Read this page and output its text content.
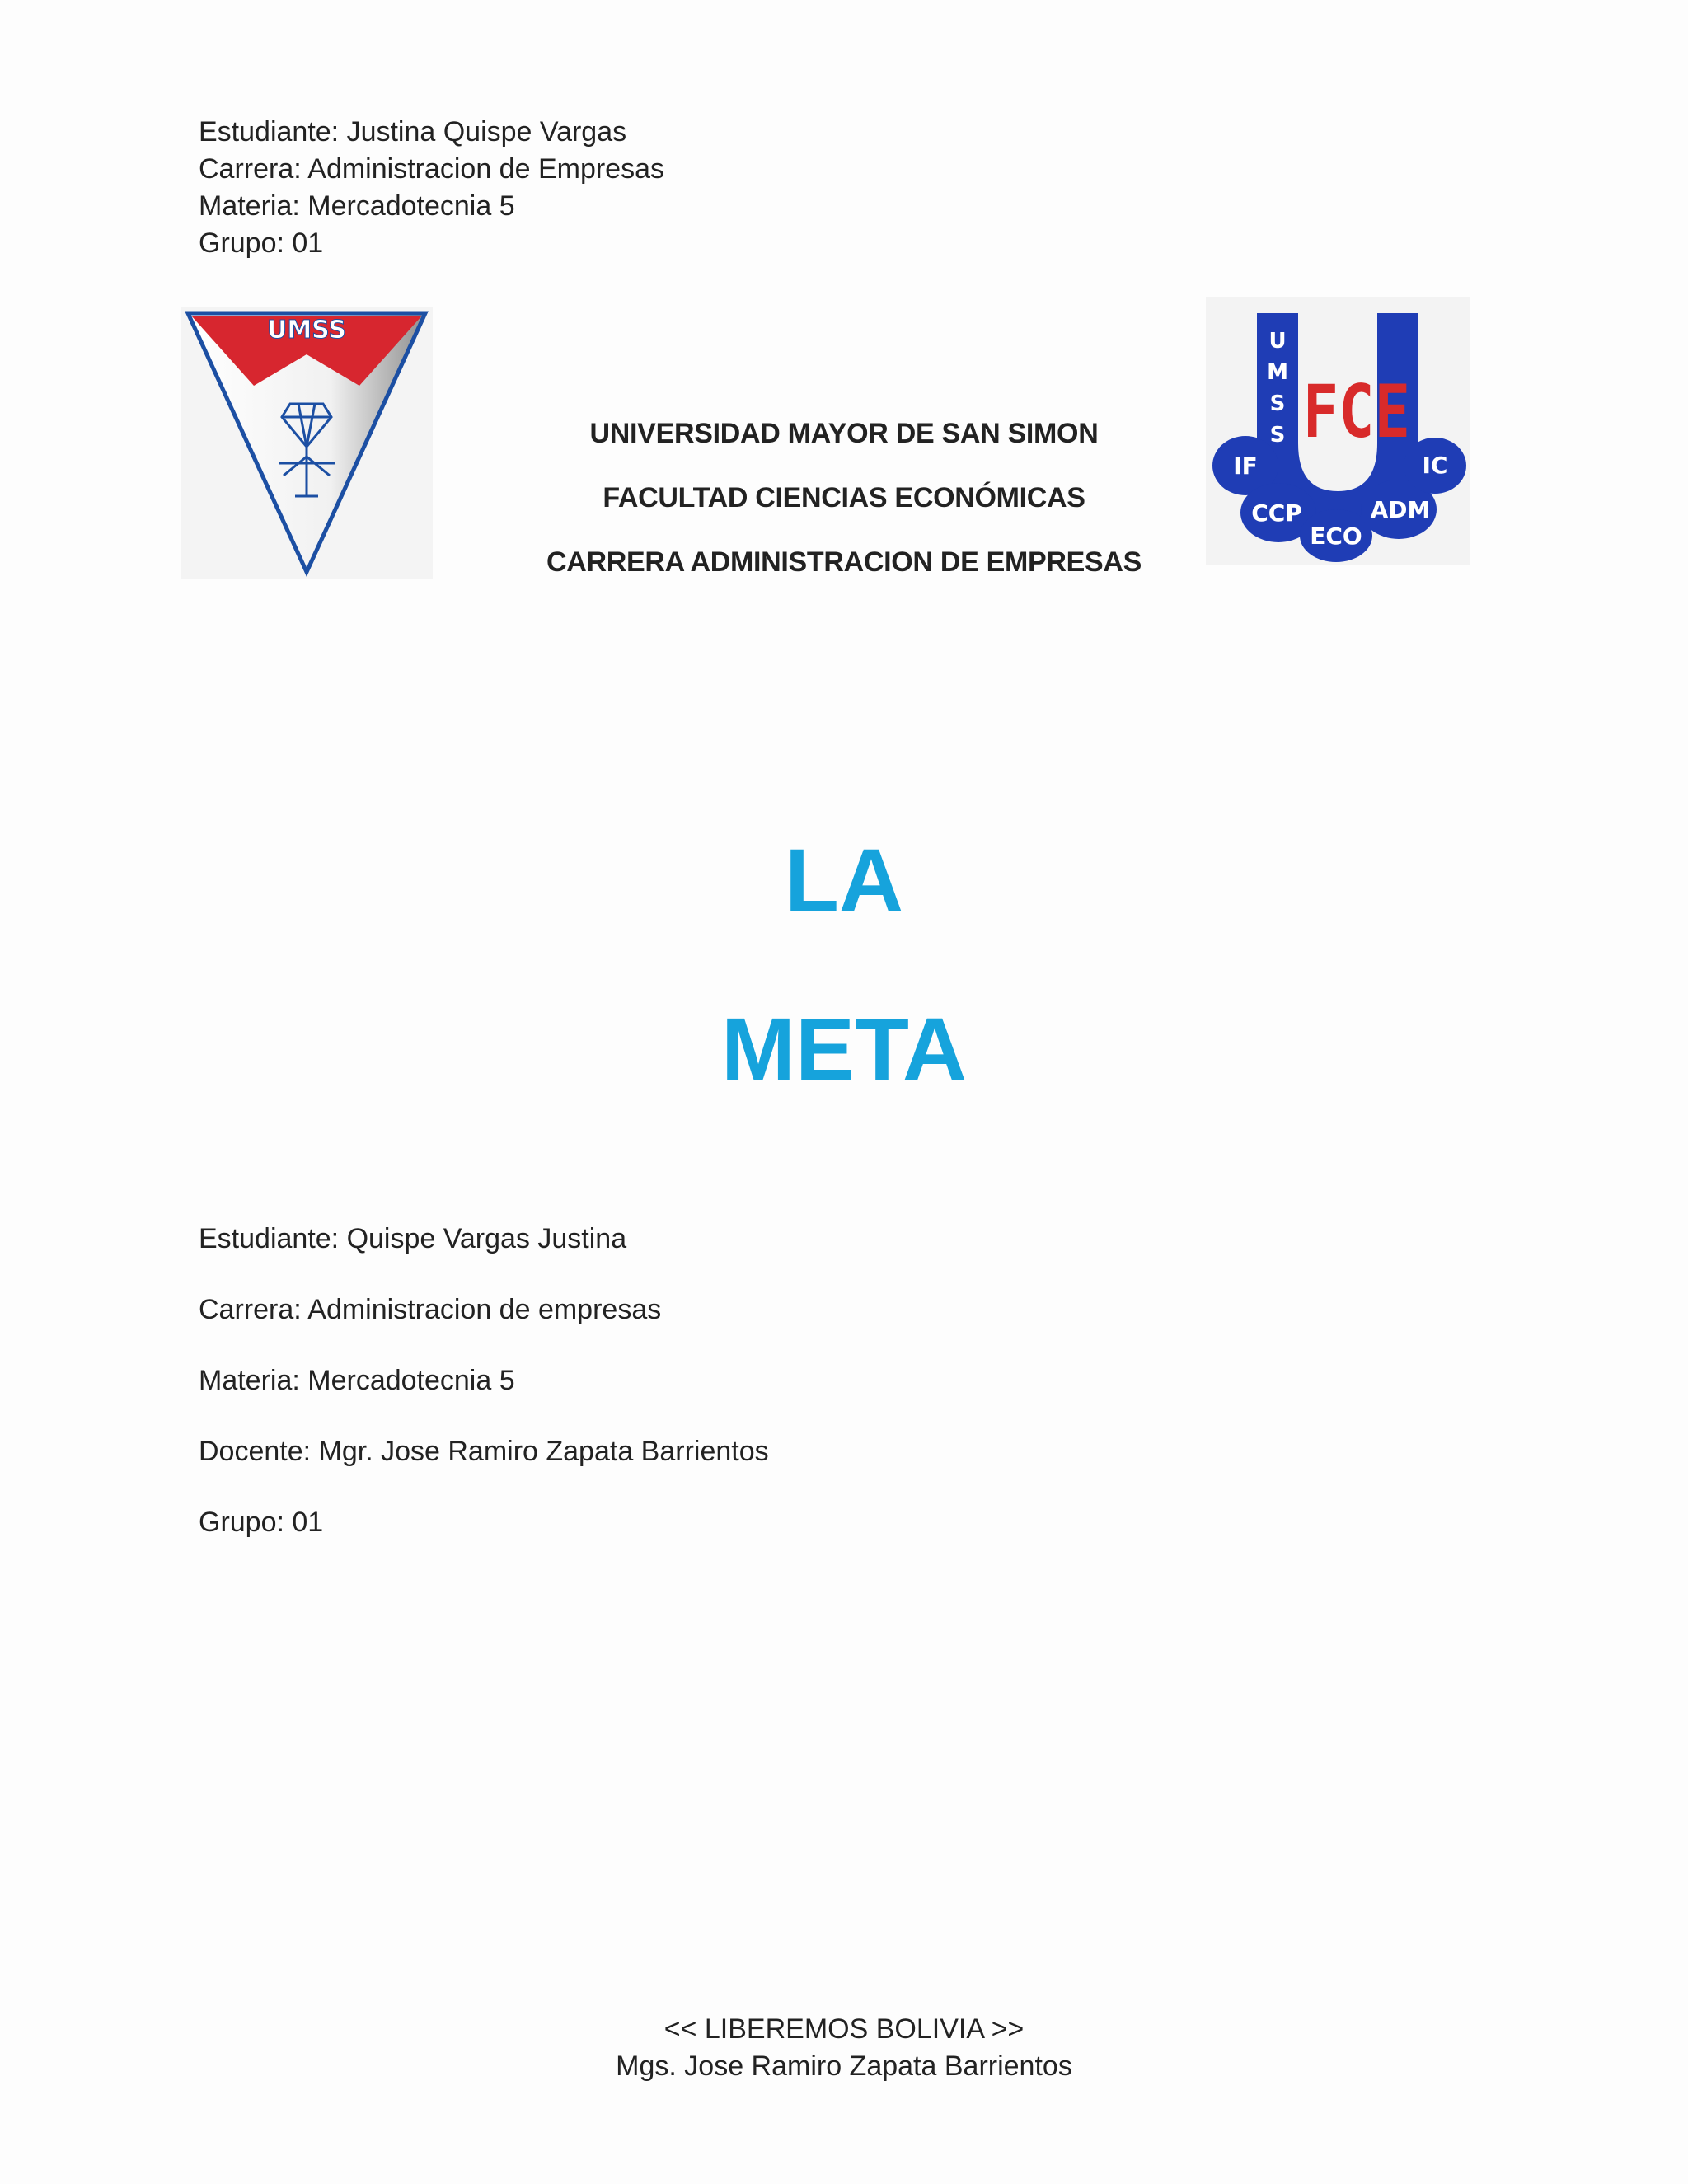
Estudiante: Justina Quispe Vargas
Carrera: Administracion de Empresas
Materia: Mercadotecnia 5
Grupo: 01
UMSS	U
M
S
S FCE
IF
CCP
ECO
ADM
IC
UNIVERSIDAD MAYOR DE SAN SIMON
FACULTAD CIENCIAS ECONÓMICAS
CARRERA ADMINISTRACION DE EMPRESAS
LA
META
Estudiante: Quispe Vargas Justina
Carrera: Administracion de empresas
Materia: Mercadotecnia 5
Docente: Mgr. Jose Ramiro Zapata Barrientos
Grupo: 01
<< LIBEREMOS BOLIVIA >>
Mgs. Jose Ramiro Zapata Barrientos
